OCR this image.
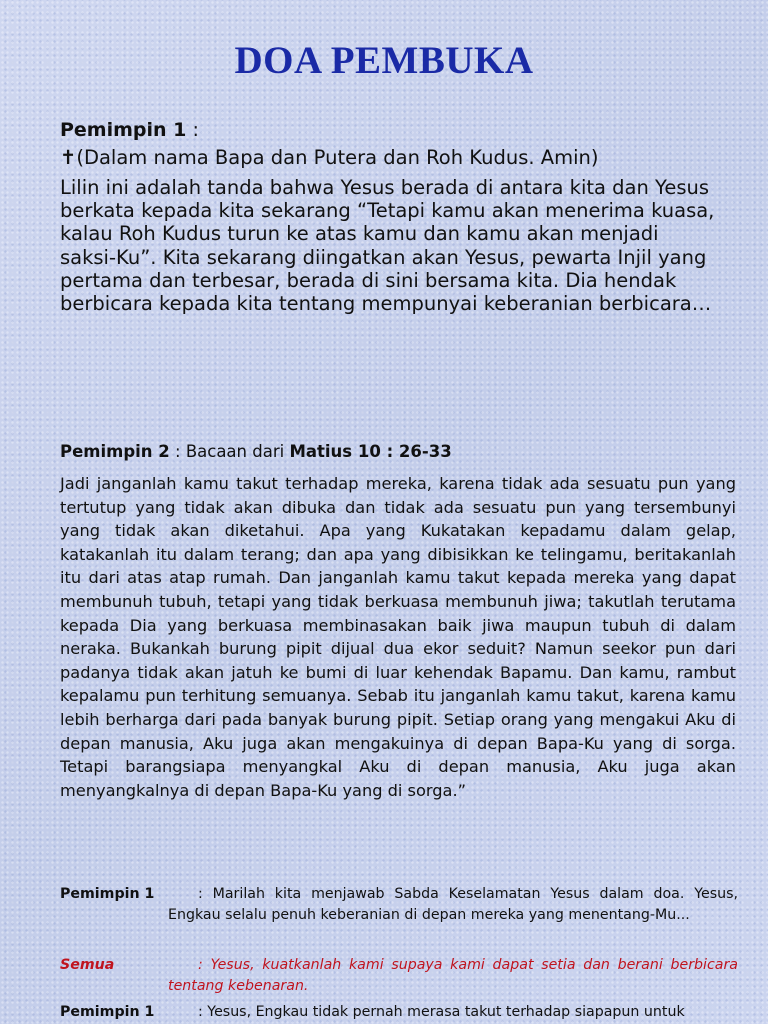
DOA PEMBUKA
Pemimpin 1 :
✝(Dalam nama Bapa dan Putera dan Roh Kudus. Amin)
Lilin ini adalah tanda bahwa Yesus berada di antara kita dan Yesus berkata kepada kita sekarang “Tetapi kamu akan menerima kuasa, kalau Roh Kudus turun ke atas kamu dan kamu akan menjadi saksi-Ku”. Kita sekarang diingatkan akan Yesus, pewarta Injil yang pertama dan terbesar, berada di sini bersama kita. Dia hendak berbicara kepada kita tentang mempunyai keberanian berbicara…
Pemimpin 2 : Bacaan dari Matius 10 : 26-33
Jadi janganlah kamu takut terhadap mereka, karena tidak ada sesuatu pun yang tertutup yang tidak akan dibuka dan tidak ada sesuatu pun yang tersembunyi yang tidak akan diketahui. Apa yang Kukatakan kepadamu dalam gelap, katakanlah itu dalam terang; dan apa yang dibisikkan ke telingamu, beritakanlah itu dari atas atap rumah. Dan janganlah kamu takut kepada mereka yang dapat membunuh tubuh, tetapi yang tidak berkuasa membunuh jiwa; takutlah terutama kepada Dia yang berkuasa membinasakan baik jiwa maupun tubuh di dalam neraka. Bukankah burung pipit dijual dua ekor seduit? Namun seekor pun dari padanya tidak akan jatuh ke bumi di luar kehendak Bapamu. Dan kamu, rambut kepalamu pun terhitung semuanya. Sebab itu janganlah kamu takut, karena kamu lebih berharga dari pada banyak burung pipit. Setiap orang yang mengakui Aku di depan manusia, Aku juga akan mengakuinya di depan Bapa-Ku yang di sorga. Tetapi barangsiapa menyangkal Aku di depan manusia, Aku juga akan menyangkalnya di depan Bapa-Ku yang di sorga.”
Pemimpin 1	: Marilah kita menjawab Sabda Keselamatan Yesus dalam doa. Yesus, Engkau selalu penuh keberanian di depan mereka yang menentang-Mu...
Semua	: Yesus, kuatkanlah kami supaya kami dapat setia dan berani berbicara tentang kebenaran.
Pemimpin 1	: Yesus, Engkau tidak pernah merasa takut terhadap siapapun untuk
